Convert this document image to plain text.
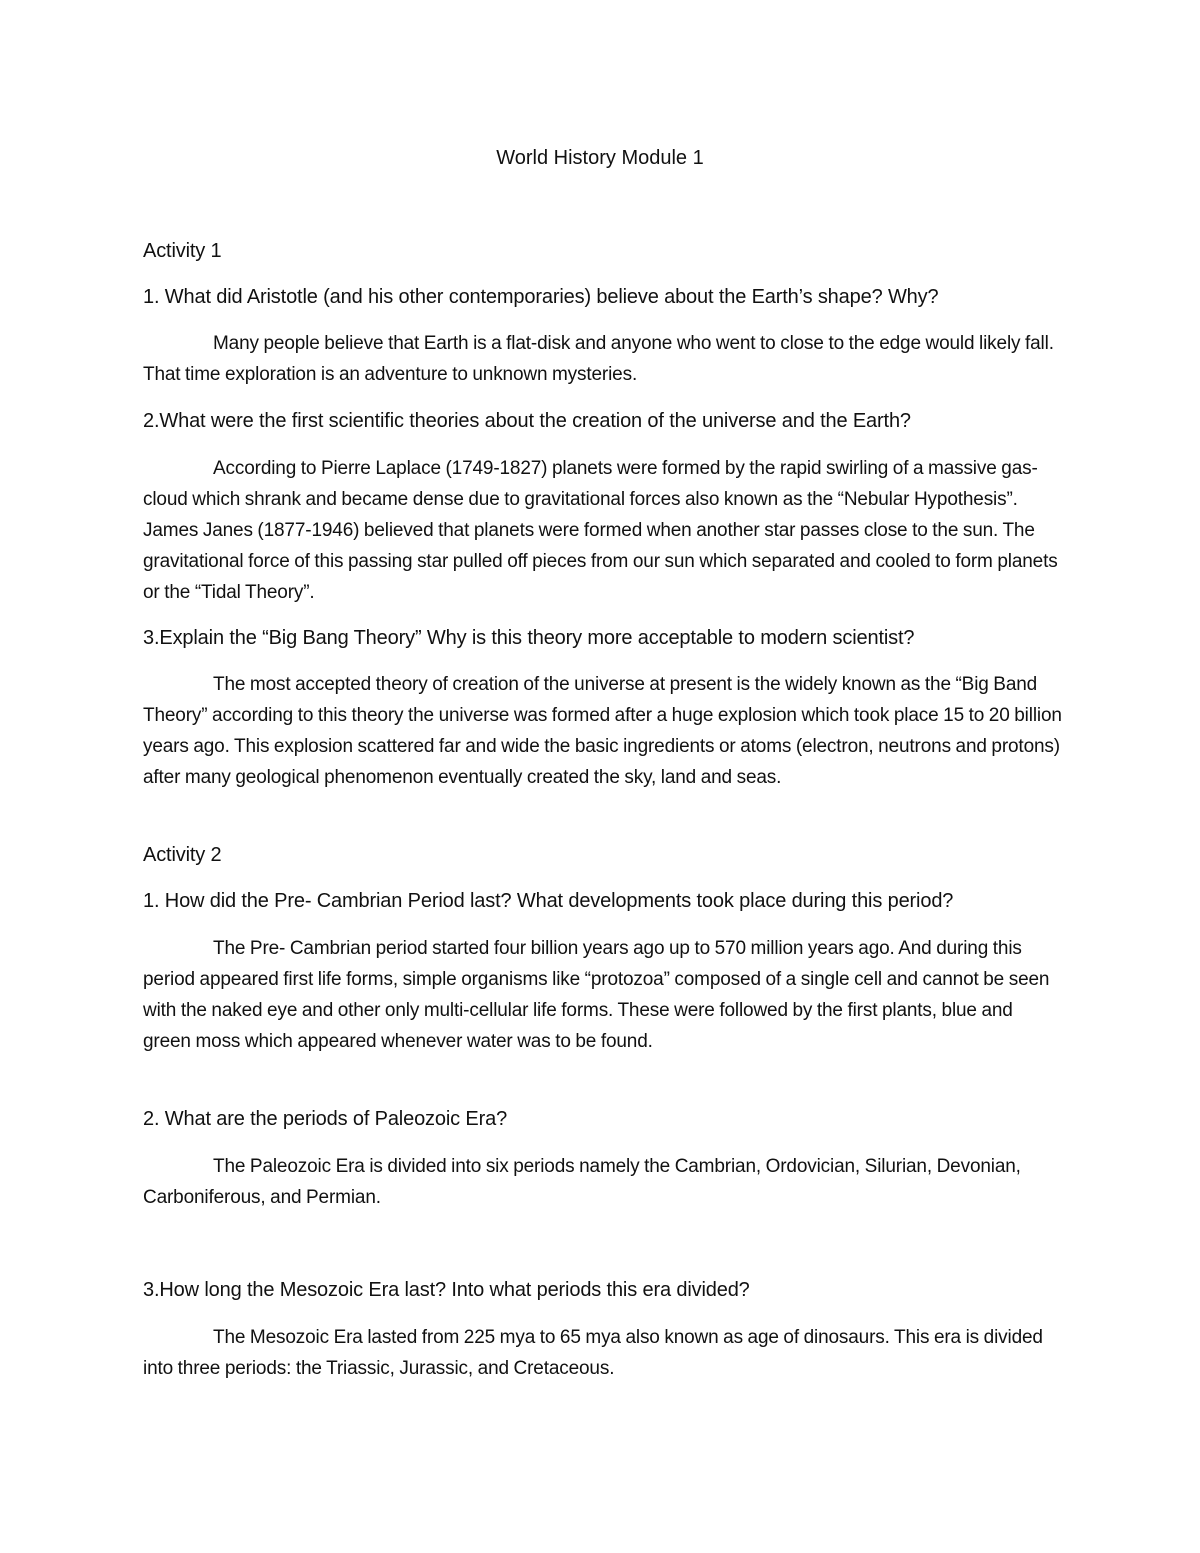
World History Module 1
Activity 1
1. What did Aristotle (and his other contemporaries) believe about the Earth’s shape? Why?
Many people believe that Earth is a flat-disk and anyone who went to close to the edge would likely fall. That time exploration is an adventure to unknown mysteries.
2.What were the first scientific theories about the creation of the universe and the Earth?
According to Pierre Laplace (1749-1827) planets were formed by the rapid swirling of a massive gas-cloud which shrank and became dense due to gravitational forces also known as the “Nebular Hypothesis”. James Janes (1877-1946) believed that planets were formed when another star passes close to the sun. The gravitational force of this passing star pulled off pieces from our sun which separated and cooled to form planets or the “Tidal Theory”.
3.Explain the “Big Bang Theory” Why is this theory more acceptable to modern scientist?
The most accepted theory of creation of the universe at present is the widely known as the “Big Band Theory” according to this theory the universe was formed after a huge explosion which took place 15 to 20 billion years ago. This explosion scattered far and wide the basic ingredients or atoms (electron, neutrons and protons) after many geological phenomenon eventually created the sky, land and seas.
Activity 2
1. How did the Pre- Cambrian Period last? What developments took place during this period?
The Pre- Cambrian period started four billion years ago up to 570 million years ago. And during this period appeared first life forms, simple organisms like “protozoa” composed of a single cell and cannot be seen with the naked eye and other only multi-cellular life forms. These were followed by the first plants, blue and green moss which appeared whenever water was to be found.
2. What are the periods of Paleozoic Era?
The Paleozoic Era is divided into six periods namely the Cambrian, Ordovician, Silurian, Devonian, Carboniferous, and Permian.
3.How long the Mesozoic Era last? Into what periods this era divided?
The Mesozoic Era lasted from 225 mya to 65 mya also known as age of dinosaurs. This era is divided into three periods: the Triassic, Jurassic, and Cretaceous.
